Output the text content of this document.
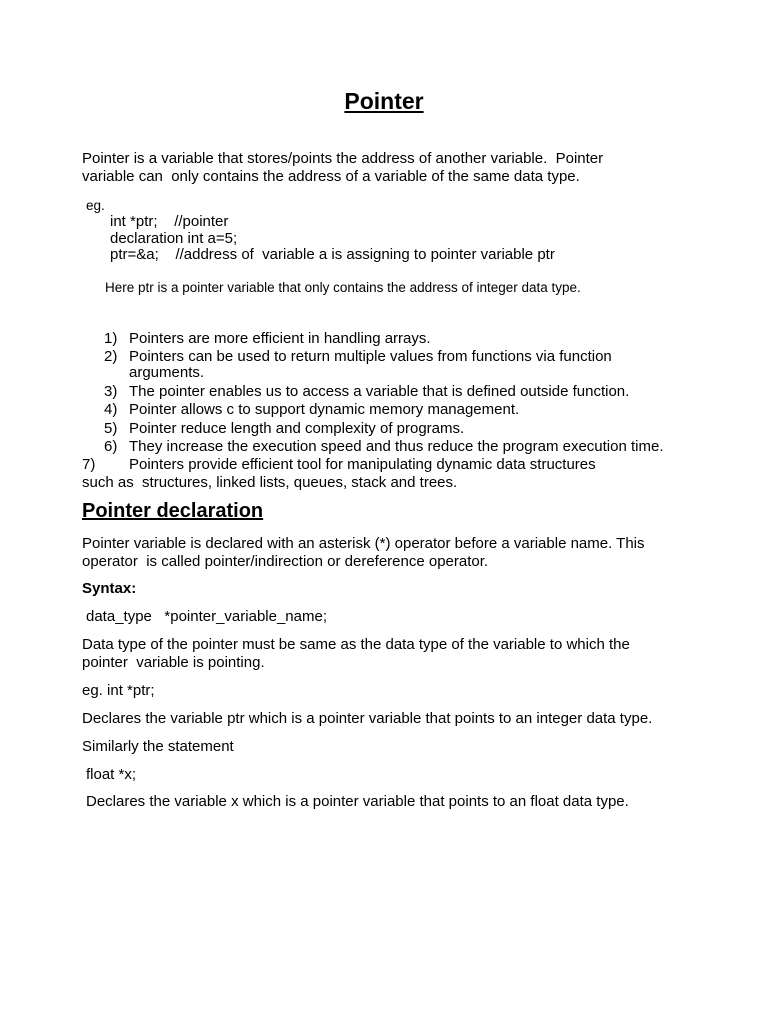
Pointer
Pointer is a variable that stores/points the address of another variable.  Pointer
variable can  only contains the address of a variable of the same data type.
eg.
int *ptr;    //pointer
declaration int a=5;
ptr=&a;    //address of  variable a is assigning to pointer variable ptr
Here ptr is a pointer variable that only contains the address of integer data type.
1) Pointers are more efficient in handling arrays.
2) Pointers can be used to return multiple values from functions via function
arguments.
3) The pointer enables us to access a variable that is defined outside function.
4) Pointer allows c to support dynamic memory management.
5) Pointer reduce length and complexity of programs.
6) They increase the execution speed and thus reduce the program execution time.
7) Pointers provide efficient tool for manipulating dynamic data structures
such as  structures, linked lists, queues, stack and trees.
Pointer declaration
Pointer variable is declared with an asterisk (*) operator before a variable name. This
operator  is called pointer/indirection or dereference operator.
Syntax:
data_type   *pointer_variable_name;
Data type of the pointer must be same as the data type of the variable to which the
pointer  variable is pointing.
eg. int *ptr;
Declares the variable ptr which is a pointer variable that points to an integer data type.
Similarly the statement
float *x;
Declares the variable x which is a pointer variable that points to an float data type.
